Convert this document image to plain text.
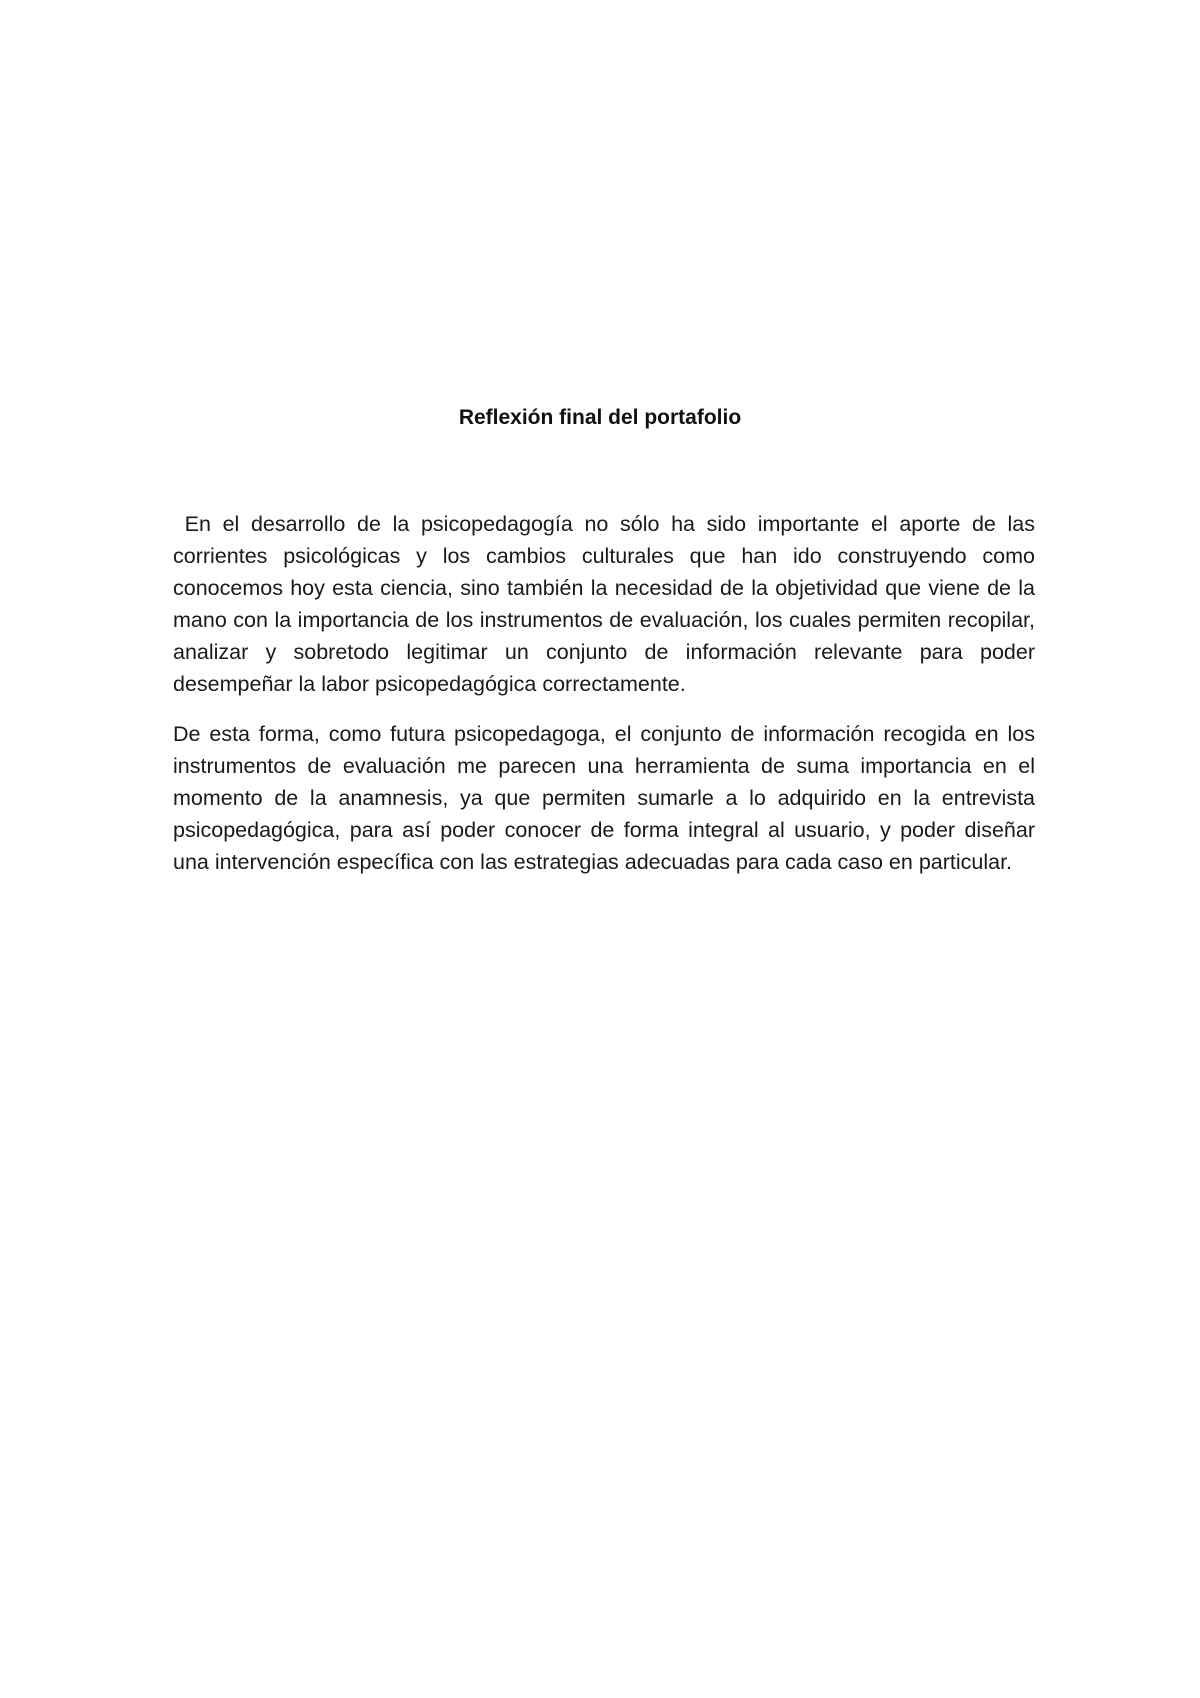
Reflexión final del portafolio

En el desarrollo de la psicopedagogía no sólo ha sido importante el aporte de las corrientes psicológicas y los cambios culturales que han ido construyendo como conocemos hoy esta ciencia, sino también la necesidad de la objetividad que viene de la mano con la importancia de los instrumentos de evaluación, los cuales permiten recopilar, analizar y sobretodo legitimar un conjunto de información relevante para poder desempeñar la labor psicopedagógica correctamente.

De esta forma, como futura psicopedagoga, el conjunto de información recogida en los instrumentos de evaluación me parecen una herramienta de suma importancia en el momento de la anamnesis, ya que permiten sumarle a lo adquirido en la entrevista psicopedagógica, para así poder conocer de forma integral al usuario, y poder diseñar una intervención específica con las estrategias adecuadas para cada caso en particular.
